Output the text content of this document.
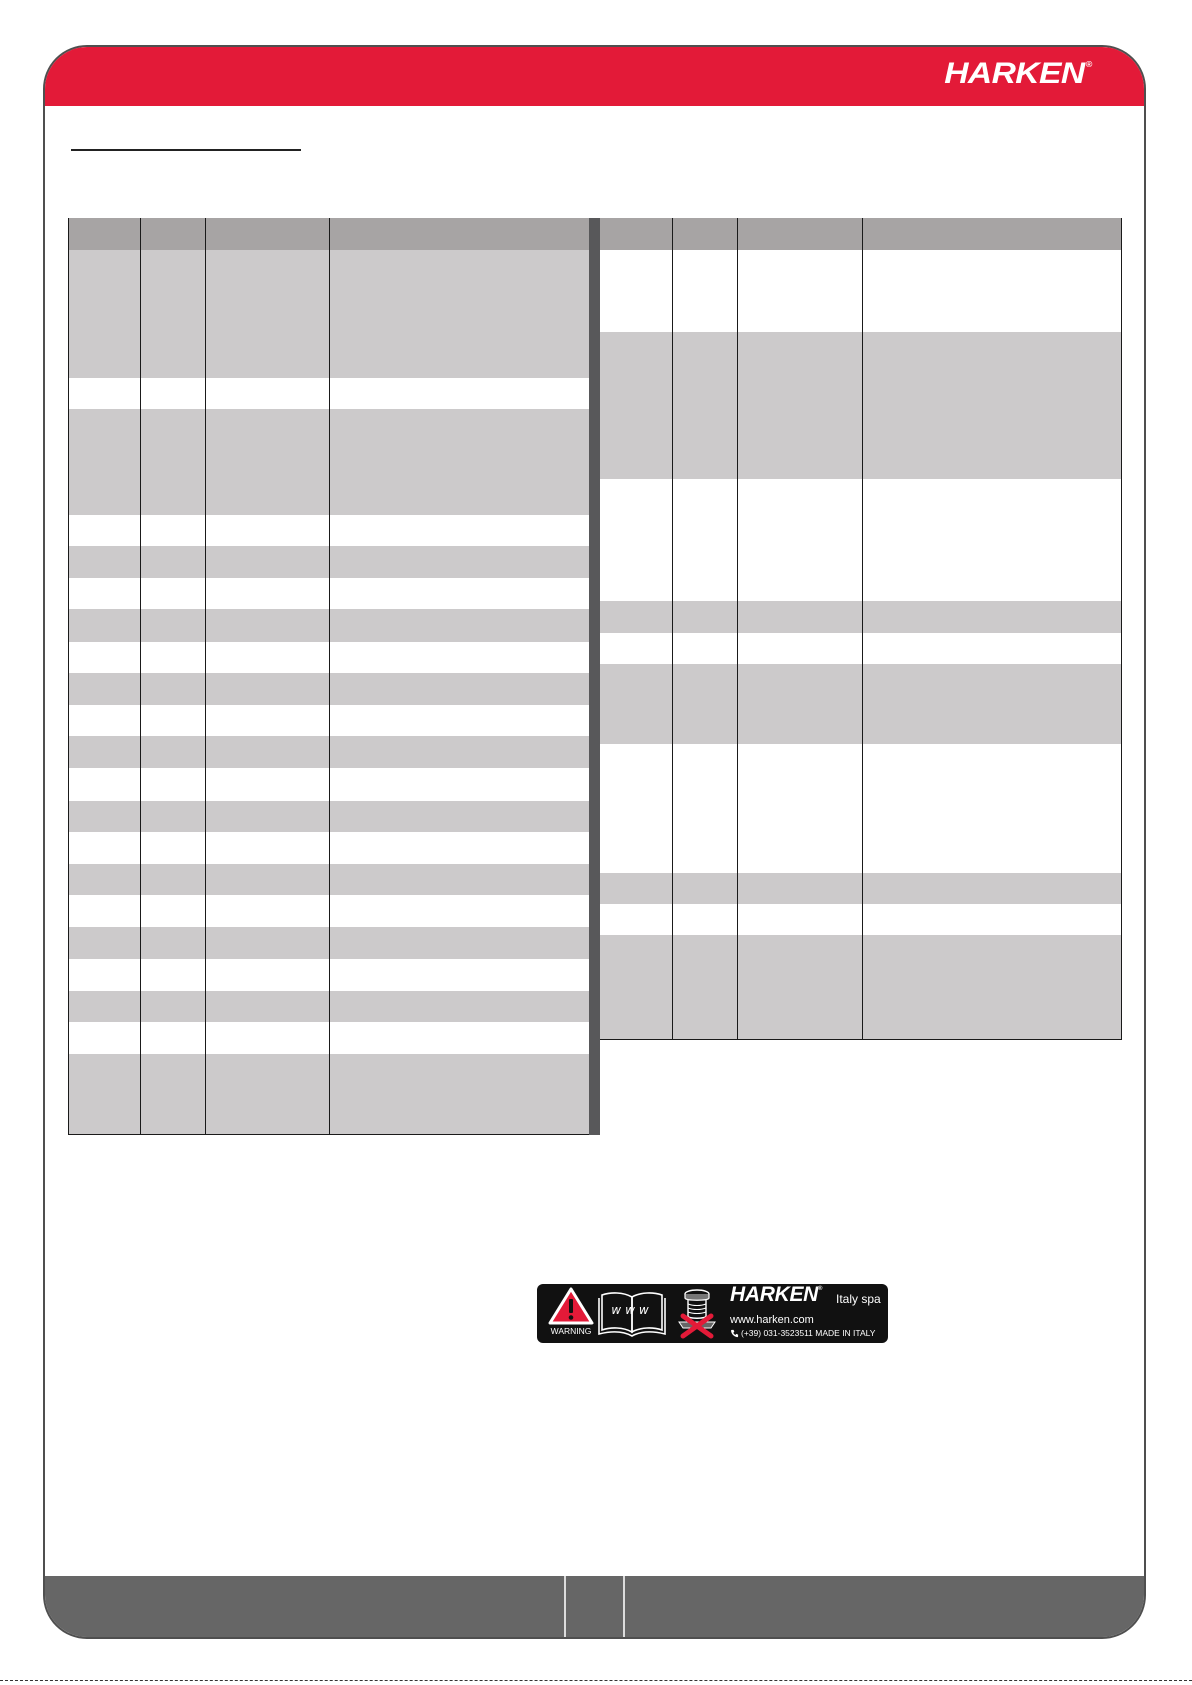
HARKEN®
WARNING
www
HARKEN®
Italy spa
www.harken.com
(+39) 031-3523511 MADE IN ITALY
